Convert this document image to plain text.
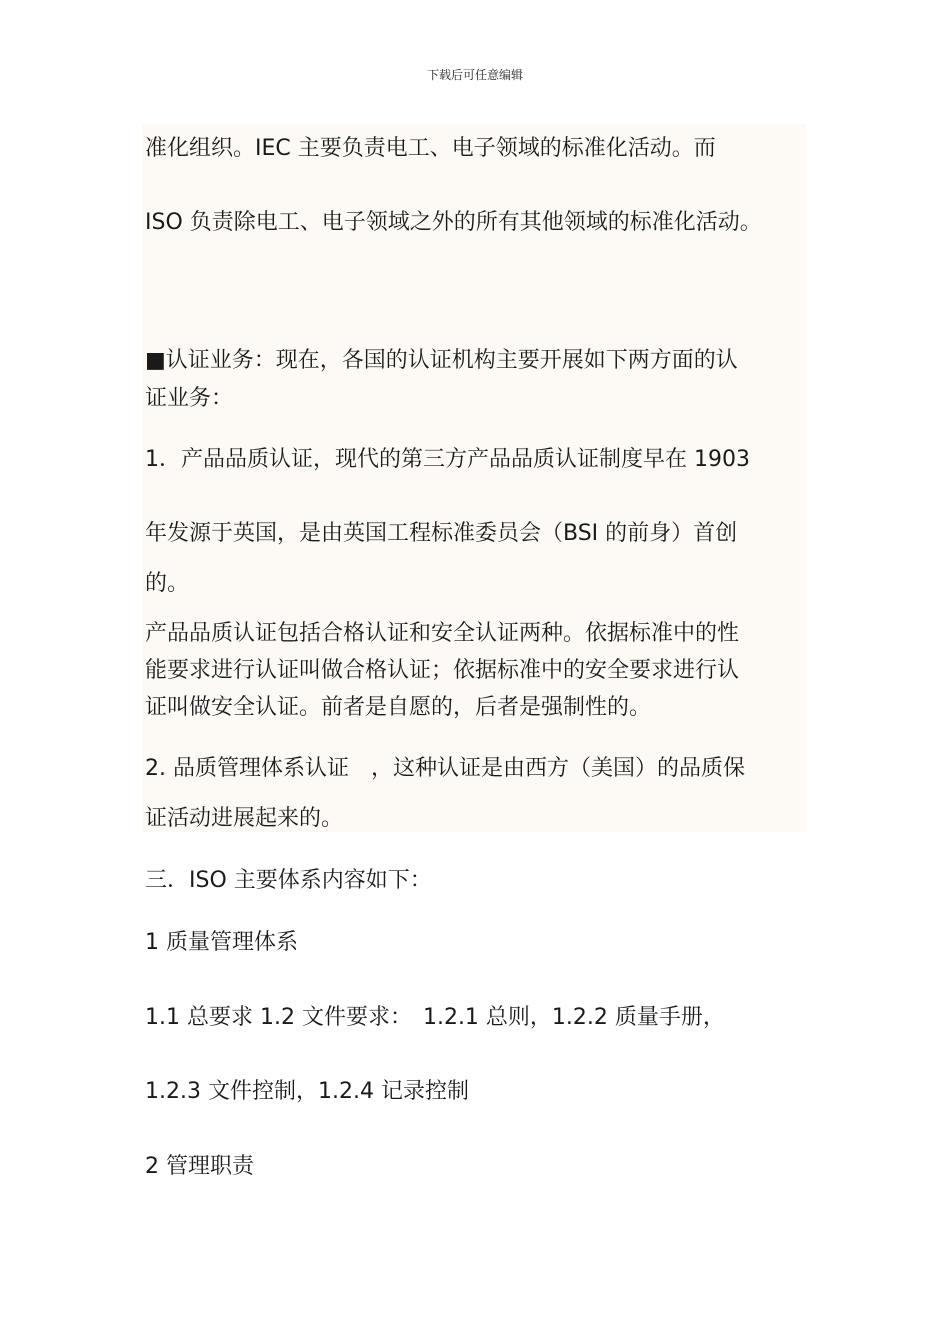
下载后可任意编辑
准化组织。IEC 主要负责电工、电子领域的标准化活动。而
ISO 负责除电工、电子领域之外的所有其他领域的标准化活动。
■认证业务：现在，各国的认证机构主要开展如下两方面的认
证业务：
1．产品品质认证，现代的第三方产品品质认证制度早在 1903
年发源于英国，是由英国工程标准委员会（BSI 的前身）首创
的。
产品品质认证包括合格认证和安全认证两种。依据标准中的性
能要求进行认证叫做合格认证；依据标准中的安全要求进行认
证叫做安全认证。前者是自愿的，后者是强制性的。
2. 品质管理体系认证　，这种认证是由西方（美国）的品质保
证活动进展起来的。
三．ISO 主要体系内容如下：
1 质量管理体系
1.1 总要求 1.2 文件要求：　1.2.1 总则，1.2.2 质量手册，
1.2.3 文件控制，1.2.4 记录控制
2 管理职责
